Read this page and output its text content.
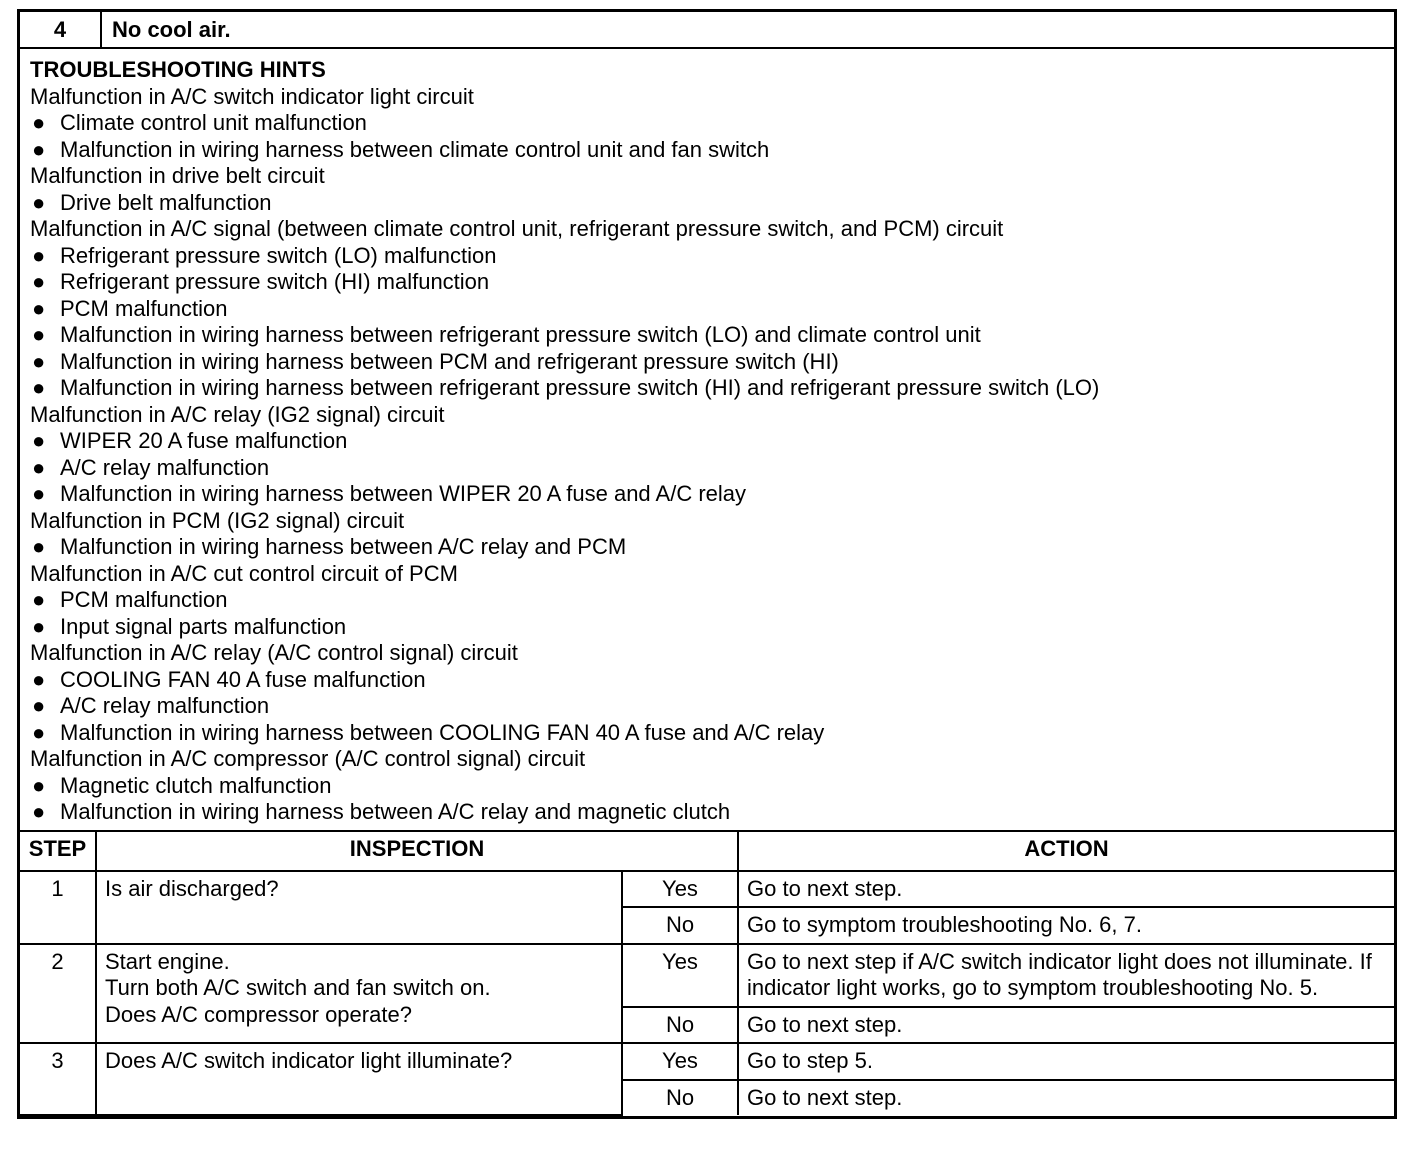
4	No cool air.
TROUBLESHOOTING HINTS
Malfunction in A/C switch indicator light circuit
● Climate control unit malfunction
● Malfunction in wiring harness between climate control unit and fan switch
Malfunction in drive belt circuit
● Drive belt malfunction
Malfunction in A/C signal (between climate control unit, refrigerant pressure switch, and PCM) circuit
● Refrigerant pressure switch (LO) malfunction
● Refrigerant pressure switch (HI) malfunction
● PCM malfunction
● Malfunction in wiring harness between refrigerant pressure switch (LO) and climate control unit
● Malfunction in wiring harness between PCM and refrigerant pressure switch (HI)
● Malfunction in wiring harness between refrigerant pressure switch (HI) and refrigerant pressure switch (LO)
Malfunction in A/C relay (IG2 signal) circuit
● WIPER 20 A fuse malfunction
● A/C relay malfunction
● Malfunction in wiring harness between WIPER 20 A fuse and A/C relay
Malfunction in PCM (IG2 signal) circuit
● Malfunction in wiring harness between A/C relay and PCM
Malfunction in A/C cut control circuit of PCM
● PCM malfunction
● Input signal parts malfunction
Malfunction in A/C relay (A/C control signal) circuit
● COOLING FAN 40 A fuse malfunction
● A/C relay malfunction
● Malfunction in wiring harness between COOLING FAN 40 A fuse and A/C relay
Malfunction in A/C compressor (A/C control signal) circuit
● Magnetic clutch malfunction
● Malfunction in wiring harness between A/C relay and magnetic clutch
STEP	INSPECTION		ACTION
1	Is air discharged?	Yes	Go to next step.
		No	Go to symptom troubleshooting No. 6, 7.
2	Start engine.
Turn both A/C switch and fan switch on.
Does A/C compressor operate?	Yes	Go to next step if A/C switch indicator light does not illuminate. If indicator light works, go to symptom troubleshooting No. 5.
		No	Go to next step.
3	Does A/C switch indicator light illuminate?	Yes	Go to step 5.
		No	Go to next step.
